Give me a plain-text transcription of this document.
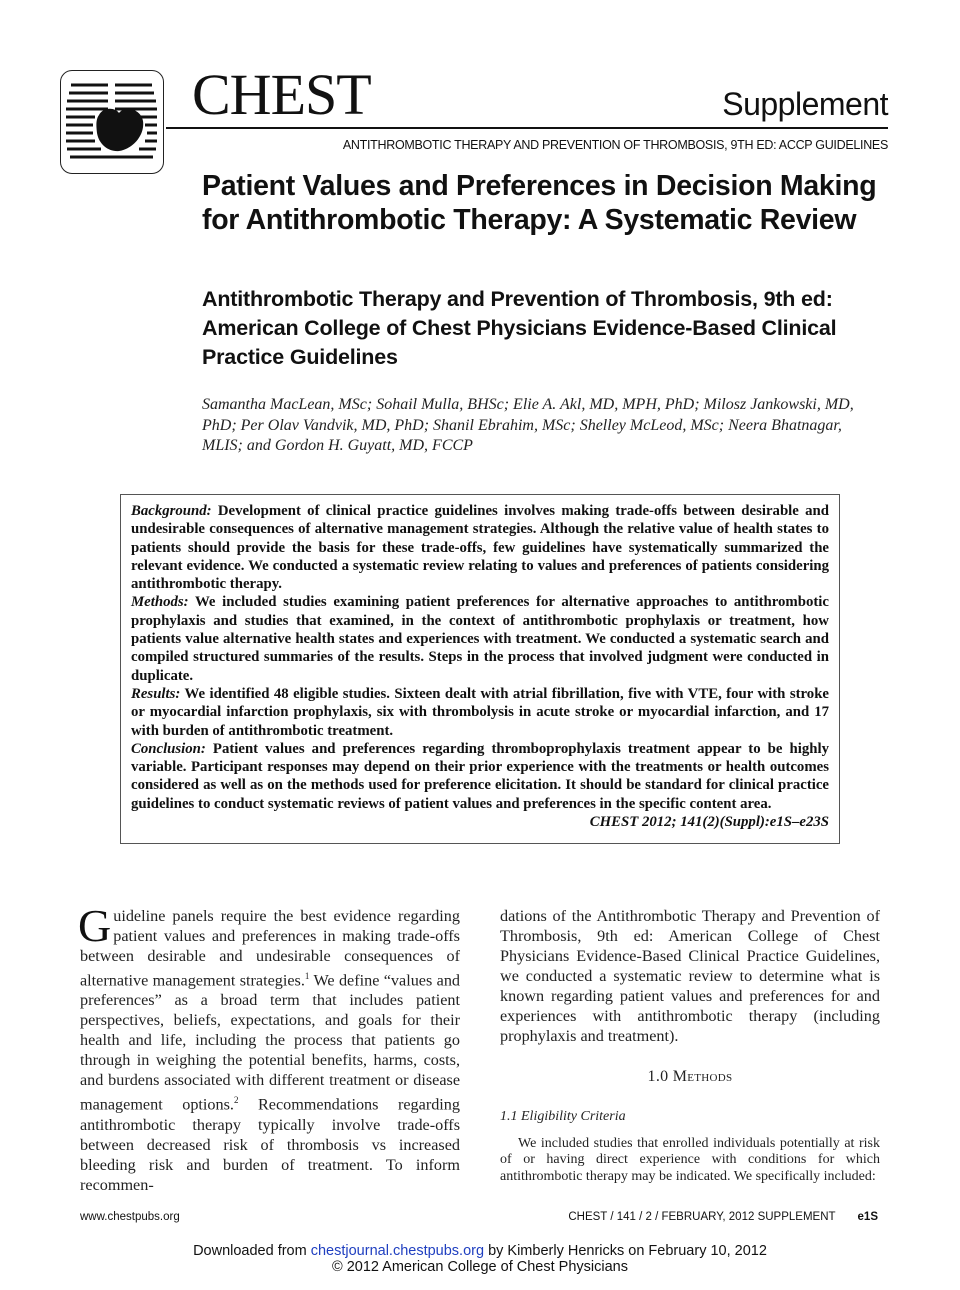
CHEST	Supplement
ANTITHROMBOTIC THERAPY AND PREVENTION OF THROMBOSIS, 9TH ED: ACCP GUIDELINES
Patient Values and Preferences in Decision Making for Antithrombotic Therapy: A Systematic Review
Antithrombotic Therapy and Prevention of Thrombosis, 9th ed: American College of Chest Physicians Evidence-Based Clinical Practice Guidelines
Samantha MacLean, MSc; Sohail Mulla, BHSc; Elie A. Akl, MD, MPH, PhD; Milosz Jankowski, MD, PhD; Per Olav Vandvik, MD, PhD; Shanil Ebrahim, MSc; Shelley McLeod, MSc; Neera Bhatnagar, MLIS; and Gordon H. Guyatt, MD, FCCP

Background: Development of clinical practice guidelines involves making trade-offs between desirable and undesirable consequences of alternative management strategies. Although the relative value of health states to patients should provide the basis for these trade-offs, few guidelines have systematically summarized the relevant evidence. We conducted a systematic review relating to values and preferences of patients considering antithrombotic therapy.

Methods: We included studies examining patient preferences for alternative approaches to antithrombotic prophylaxis and studies that examined, in the context of antithrombotic prophylaxis or treatment, how patients value alternative health states and experiences with treatment. We conducted a systematic search and compiled structured summaries of the results. Steps in the process that involved judgment were conducted in duplicate.

Results: We identified 48 eligible studies. Sixteen dealt with atrial fibrillation, five with VTE, four with stroke or myocardial infarction prophylaxis, six with thrombolysis in acute stroke or myocardial infarction, and 17 with burden of antithrombotic treatment.

Conclusion: Patient values and preferences regarding thromboprophylaxis treatment appear to be highly variable. Participant responses may depend on their prior experience with the treatments or health outcomes considered as well as on the methods used for preference elicitation. It should be standard for clinical practice guidelines to conduct systematic reviews of patient values and preferences in the specific content area.
CHEST 2012; 141(2)(Suppl):e1S–e23S

Guideline panels require the best evidence regarding patient values and preferences in making trade-offs between desirable and undesirable consequences of alternative management strategies.$^1$ We define “values and preferences” as a broad term that includes patient perspectives, beliefs, expectations, and goals for their health and life, including the process that patients go through in weighing the potential benefits, harms, costs, and burdens associated with different treatment or disease management options.$^2$ Recommendations regarding antithrombotic therapy typically involve trade-offs between decreased risk of thrombosis vs increased bleeding risk and burden of treatment. To inform recommen-

dations of the Antithrombotic Therapy and Prevention of Thrombosis, 9th ed: American College of Chest Physicians Evidence-Based Clinical Practice Guidelines, we conducted a systematic review to determine what is known regarding patient values and preferences for and experiences with antithrombotic therapy (including prophylaxis and treatment).

1.0 Methods
1.1 Eligibility Criteria

We included studies that enrolled individuals potentially at risk of or having direct experience with conditions for which antithrombotic therapy may be indicated. We specifically included:

www.chestpubs.org	CHEST / 141 / 2 / FEBRUARY, 2012 SUPPLEMENT e1S
Downloaded from chestjournal.chestpubs.org by Kimberly Henricks on February 10, 2012
© 2012 American College of Chest Physicians
